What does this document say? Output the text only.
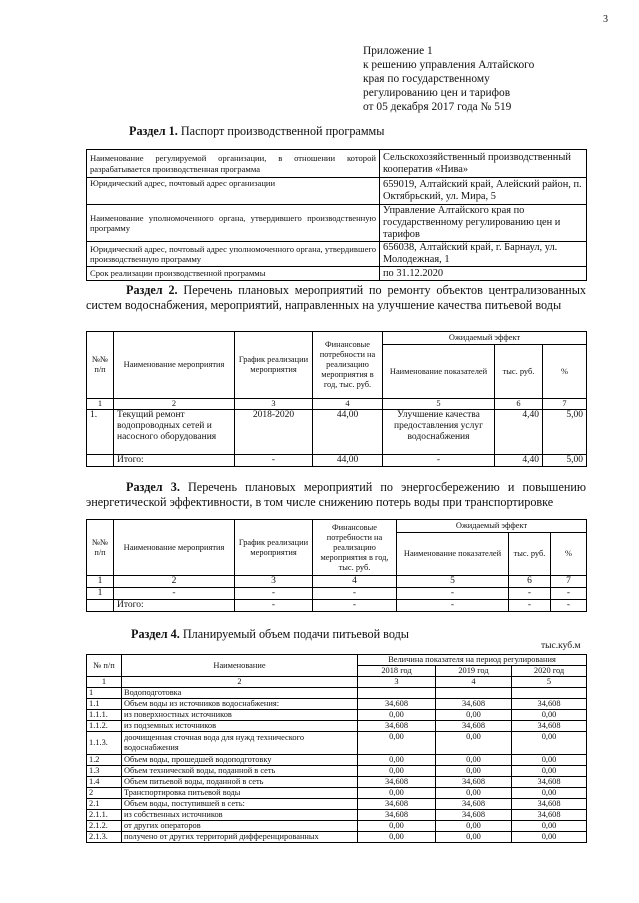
3
Приложение 1
к решению управления Алтайского
края по государственному
регулированию цен и тарифов
от 05 декабря 2017 года № 519
Раздел 1. Паспорт производственной программы
Наименование регулируемой организации, в отношении которой разрабатывается производственная программа	Сельскохозяйственный производственный кооператив «Нива»
Юридический адрес, почтовый адрес организации	659019, Алтайский край, Алейский район, п. Октябрьский, ул. Мира, 5
Наименование уполномоченного органа, утвердившего производственную программу	Управление Алтайского края по государственному регулированию цен и тарифов
Юридический адрес, почтовый адрес уполномоченного органа, утвердившего производственную программу	656038, Алтайский край, г. Барнаул, ул. Молодежная, 1
Срок реализации производственной программы	по 31.12.2020
Раздел 2. Перечень плановых мероприятий по ремонту объектов централизованных систем водоснабжения, мероприятий, направленных на улучшение качества питьевой воды
№№ п/п	Наименование мероприятия	График реализации мероприятия	Финансовые потребности на реализацию мероприятия в год, тыс. руб.	Ожидаемый эффект		
				Наименование показателей	тыс. руб.	%
1	2	3	4	5	6	7
1.	Текущий ремонт водопроводных сетей и насосного оборудования	2018-2020	44,00	Улучшение качества предоставления услуг водоснабжения	4,40	5,00
	Итого:	-	44,00	-	4,40	5,00
Раздел 3. Перечень плановых мероприятий по энергосбережению и повышению энергетической эффективности, в том числе снижению потерь воды при транспортировке
№№ п/п	Наименование мероприятия	График реализации мероприятия	Финансовые потребности на реализацию мероприятия в год, тыс. руб.	Ожидаемый эффект		
				Наименование показателей	тыс. руб.	%
1	2	3	4	5	6	7
1	-	-	-	-	-	-
	Итого:	-	-	-	-	-
Раздел 4. Планируемый объем подачи питьевой воды
тыс.куб.м
№ п/п	Наименование	Величина показателя на период регулирования		
		2018 год	2019 год	2020 год
1	2	3	4	5
1	Водоподготовка			
1.1	Объем воды из источников водоснабжения:	34,608	34,608	34,608
1.1.1.	из поверхностных источников	0,00	0,00	0,00
1.1.2.	из подземных источников	34,608	34,608	34,608
1.1.3.	доочищенная сточная вода для нужд технического водоснабжения	0,00	0,00	0,00
1.2	Объем воды, прошедшей водоподготовку	0,00	0,00	0,00
1.3	Объем технической воды, поданной в сеть	0,00	0,00	0,00
1.4	Объем питьевой воды, поданной в сеть	34,608	34,608	34,608
2	Транспортировка питьевой воды	0,00	0,00	0,00
2.1	Объем воды, поступившей в сеть:	34,608	34,608	34,608
2.1.1.	из собственных источников	34,608	34,608	34,608
2.1.2.	от других операторов	0,00	0,00	0,00
2.1.3.	получено от других территорий дифференцированных	0,00	0,00	0,00
